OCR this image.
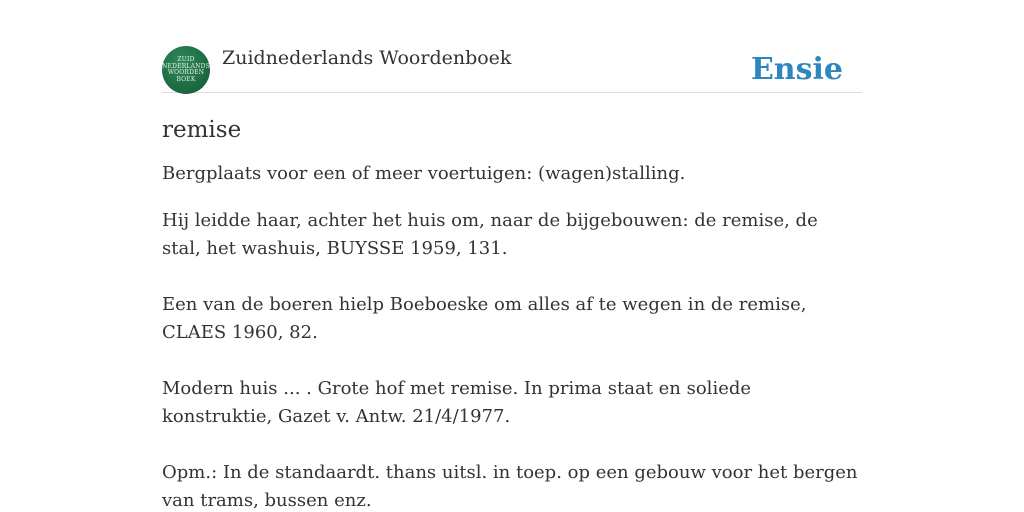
ZUID
NEDERLANDS
WOORDEN
BOEK
Zuidnederlands Woordenboek	Ensie
remise

Bergplaats voor een of meer voertuigen: (wagen)stalling.

Hij leidde haar, achter het huis om, naar de bijgebouwen: de remise, de stal, het washuis, BUYSSE 1959, 131.

Een van de boeren hielp Boeboeske om alles af te wegen in de remise, CLAES 1960, 82.

Modern huis ... . Grote hof met remise. In prima staat en soliede konstruktie, Gazet v. Antw. 21/4/1977.

Opm.: In de standaardt. thans uitsl. in toep. op een gebouw voor het bergen van trams, bussen enz.
